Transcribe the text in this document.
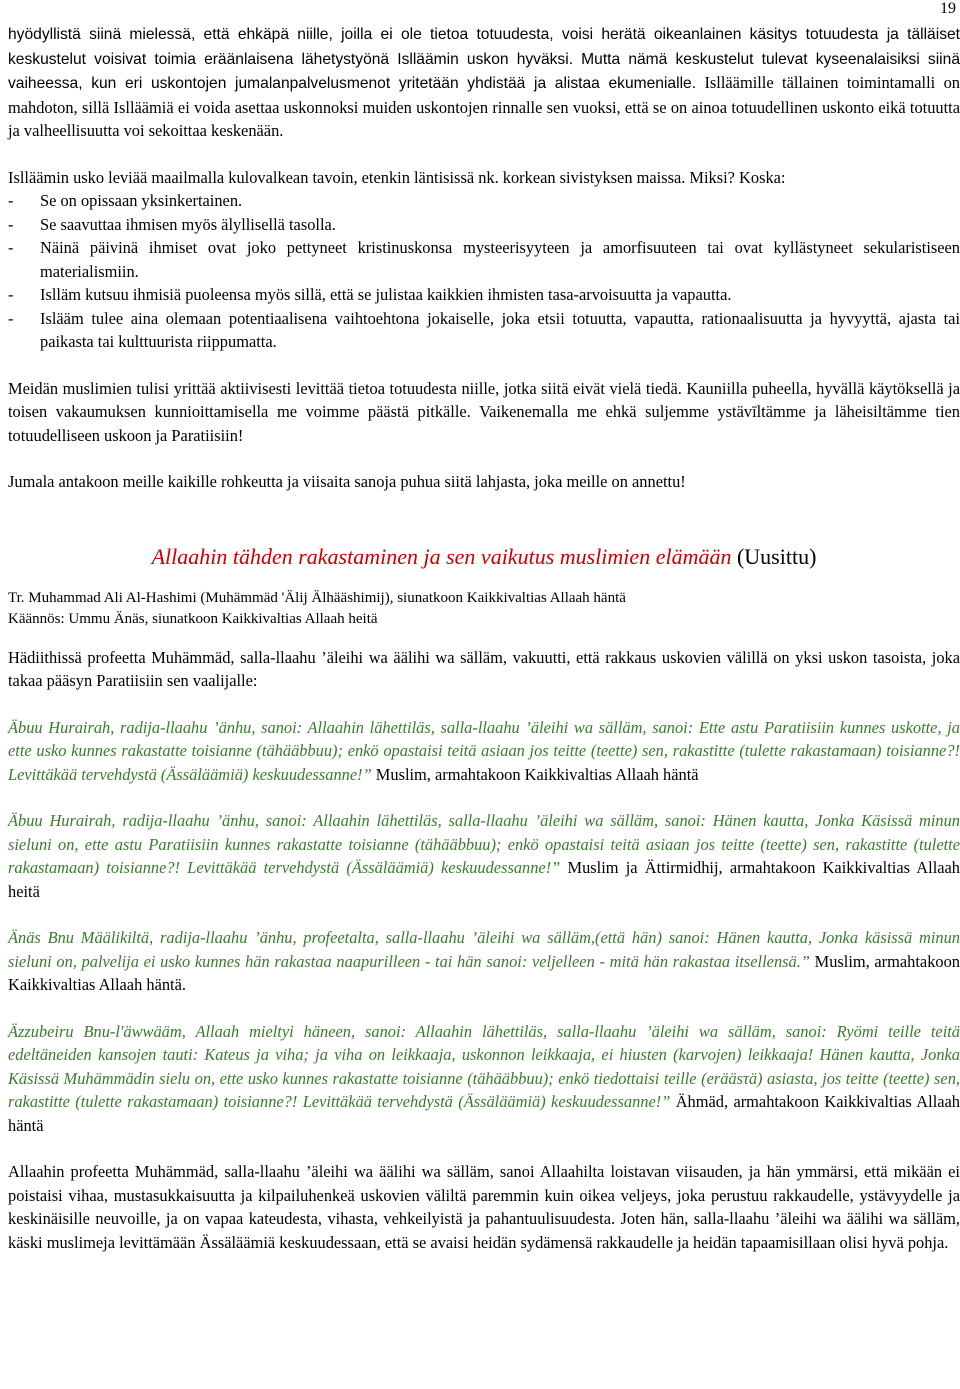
19

hyödyllistä siinä mielessä, että ehkäpä niille, joilla ei ole tietoa totuudesta, voisi herätä oikeanlainen käsitys totuudesta ja tälläiset keskustelut voisivat toimia eräänlaisena lähetystyönä Islläämin uskon hyväksi. Mutta nämä keskustelut tulevat kyseenalaisiksi siinä vaiheessa, kun eri uskontojen jumalanpalvelusmenot yritetään yhdistää ja alistaa ekumenialle. Islläämille tällainen toimintamalli on mahdoton, sillä Islläämiä ei voida asettaa uskonnoksi muiden uskontojen rinnalle sen vuoksi, että se on ainoa totuudellinen uskonto eikä totuutta ja valheellisuutta voi sekoittaa keskenään.

Islläämin usko leviää maailmalla kulovalkean tavoin, etenkin läntisissä nk. korkean sivistyksen maissa. Miksi? Koska:

- Se on opissaan yksinkertainen.
- Se saavuttaa ihmisen myös älyllisellä tasolla.
- Näinä päivinä ihmiset ovat joko pettyneet kristinuskonsa mysteerisyyteen ja amorfisuuteen tai ovat kyllästyneet sekularistiseen materialismiin.
- Islläm kutsuu ihmisiä puoleensa myös sillä, että se julistaa kaikkien ihmisten tasa-arvoisuutta ja vapautta.
- Islääm tulee aina olemaan potentiaalisena vaihtoehtona jokaiselle, joka etsii totuutta, vapautta, rationaalisuutta ja hyvyyttä, ajasta tai paikasta tai kulttuurista riippumatta.

Meidän muslimien tulisi yrittää aktiivisesti levittää tietoa totuudesta niille, jotka siitä eivät vielä tiedä. Kauniilla puheella, hyvällä käytöksellä ja toisen vakaumuksen kunnioittamisella me voimme päästä pitkälle. Vaikenemalla me ehkä suljemme ystävīltämme ja läheisiltämme tien totuudelliseen uskoon ja Paratiisiin!

Jumala antakoon meille kaikille rohkeutta ja viisaita sanoja puhua siitä lahjasta, joka meille on annettu!

Allaahin tähden rakastaminen ja sen vaikutus muslimien elämään (Uusittu)

Tr. Muhammad Ali Al-Hashimi (Muhämmäd 'Älij Älhääshimij), siunatkoon Kaikkivaltias Allaah häntä

Käännös: Ummu Änäs, siunatkoon Kaikkivaltias Allaah heitä

Hädiithissä profeetta Muhämmäd, salla-llaahu ’äleihi wa äälihi wa sälläm, vakuutti, että rakkaus uskovien välillä on yksi uskon tasoista, joka takaa pääsyn Paratiisiin sen vaalijalle:

Äbuu Hurairah, radija-llaahu ’änhu, sanoi: Allaahin lähettiläs, salla-llaahu ’äleihi wa sälläm, sanoi: Ette astu Paratiisiin kunnes uskotte, ja ette usko kunnes rakastatte toisianne (tähääbbuu); enkö opastaisi teitä asiaan jos teitte (teette) sen, rakastitte (tulette rakastamaan) toisianne?! Levittäkää tervehdystä (Ässäläämiä) keskuudessanne!” Muslim, armahtakoon Kaikkivaltias Allaah häntä

Äbuu Hurairah, radija-llaahu ’änhu, sanoi: Allaahin lähettiläs, salla-llaahu ’äleihi wa sälläm, sanoi: Hänen kautta, Jonka Käsissä minun sieluni on, ette astu Paratiisiin kunnes rakastatte toisianne (tähääbbuu); enkö opastaisi teitä asiaan jos teitte (teette) sen, rakastitte (tulette rakastamaan) toisianne?! Levittäkää tervehdystä (Ässäläämiä) keskuudessanne!” Muslim ja Ättirmidhij, armahtakoon Kaikkivaltias Allaah heitä

Änäs Bnu Määlikiltä, radija-llaahu ’änhu, profeetalta, salla-llaahu ’äleihi wa sälläm,(että hän) sanoi: Hänen kautta, Jonka käsissä minun sieluni on, palvelija ei usko kunnes hän rakastaa naapurilleen - tai hän sanoi: veljelleen - mitä hän rakastaa itsellensä.” Muslim, armahtakoon Kaikkivaltias Allaah häntä.

Äzzubeiru Bnu-l'äwwääm, Allaah mieltyi häneen, sanoi: Allaahin lähettiläs, salla-llaahu ’äleihi wa sälläm, sanoi: Ryömi teille teitä edeltäneiden kansojen tauti: Kateus ja viha; ja viha on leikkaaja, uskonnon leikkaaja, ei hiusten (karvojen) leikkaaja! Hänen kautta, Jonka Käsissä Muhämmädin sielu on, ette usko kunnes rakastatte toisianne (tähääbbuu); enkö tiedottaisi teille (erääsτä) asiasta, jos teitte (teette) sen, rakastitte (tulette rakastamaan) toisianne?! Levittäkää tervehdystä (Ässäläämiä) keskuudessanne!” Ähmäd, armahtakoon Kaikkivaltias Allaah häntä

Allaahin profeetta Muhämmäd, salla-llaahu ’äleihi wa äälihi wa sälläm, sanoi Allaahilta loistavan viisauden, ja hän ymmärsi, että mikään ei poistaisi vihaa, mustasukkaisuutta ja kilpailuhenkeä uskovien väliltä paremmin kuin oikea veljeys, joka perustuu rakkaudelle, ystävyydelle ja keskinäisille neuvoille, ja on vapaa kateudesta, vihasta, vehkeilyistä ja pahantuulisuudesta. Joten hän, salla-llaahu ’äleihi wa äälihi wa sälläm, käski muslimeja levittämään Ässäläämiä keskuudessaan, että se avaisi heidän sydämensä rakkaudelle ja heidän tapaamisillaan olisi hyvä pohja.
